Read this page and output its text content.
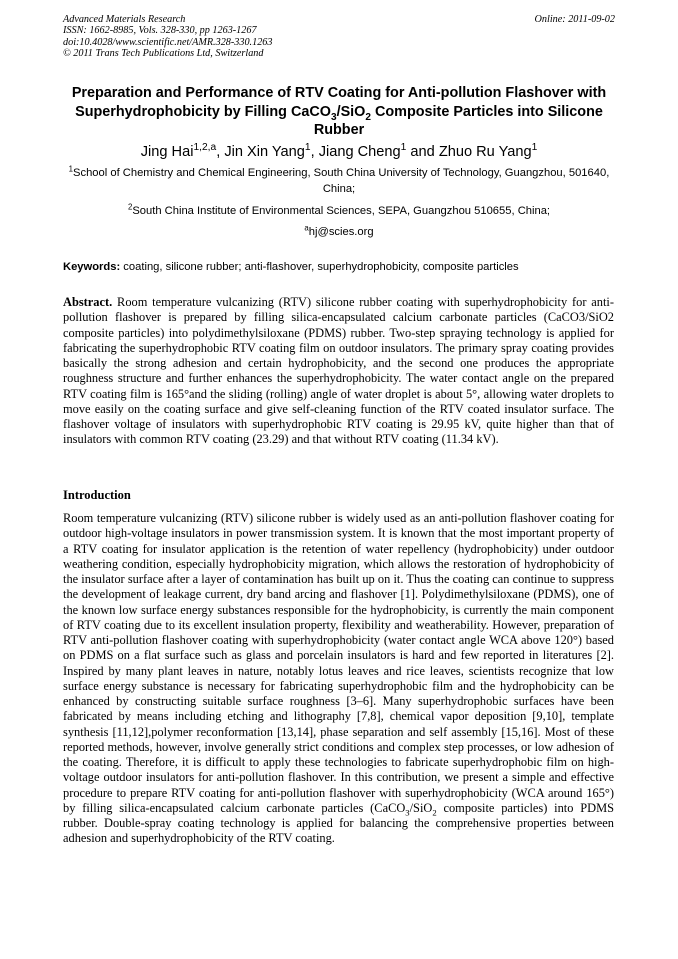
Advanced Materials Research
ISSN: 1662-8985, Vols. 328-330, pp 1263-1267
doi:10.4028/www.scientific.net/AMR.328-330.1263
© 2011 Trans Tech Publications Ltd, Switzerland
Online: 2011-09-02
Preparation and Performance of RTV Coating for Anti-pollution Flashover with Superhydrophobicity by Filling CaCO$_3$/SiO$_2$ Composite Particles into Silicone Rubber
Jing Hai$^{1,2,a}$, Jin Xin Yang$^1$, Jiang Cheng$^1$ and Zhuo Ru Yang$^1$
$^1$School of Chemistry and Chemical Engineering, South China University of Technology, Guangzhou, 501640, China;
$^2$South China Institute of Environmental Sciences, SEPA, Guangzhou 510655, China;
$^a$hj@scies.org
Keywords: coating, silicone rubber; anti-flashover, superhydrophobicity, composite particles
Abstract. Room temperature vulcanizing (RTV) silicone rubber coating with superhydrophobicity for anti-pollution flashover is prepared by filling silica-encapsulated calcium carbonate particles (CaCO3/SiO2 composite particles) into polydimethylsiloxane (PDMS) rubber. Two-step spraying technology is applied for fabricating the superhydrophobic RTV coating film on outdoor insulators. The primary spray coating provides basically the strong adhesion and certain hydrophobicity, and the second one produces the appropriate roughness structure and further enhances the superhydrophobicity. The water contact angle on the prepared RTV coating film is 165°and the sliding (rolling) angle of water droplet is about 5°, allowing water droplets to move easily on the coating surface and give self-cleaning function of the RTV coated insulator surface. The flashover voltage of insulators with superhydrophobic RTV coating is 29.95 kV, quite higher than that of insulators with common RTV coating (23.29) and that without RTV coating (11.34 kV).
Introduction
Room temperature vulcanizing (RTV) silicone rubber is widely used as an anti-pollution flashover coating for outdoor high-voltage insulators in power transmission system. It is known that the most important property of a RTV coating for insulator application is the retention of water repellency (hydrophobicity) under outdoor weathering condition, especially hydrophobicity migration, which allows the restoration of hydrophobicity of the insulator surface after a layer of contamination has built up on it. Thus the coating can continue to suppress the development of leakage current, dry band arcing and flashover [1]. Polydimethylsiloxane (PDMS), one of the known low surface energy substances responsible for the hydrophobicity, is currently the main component of RTV coating due to its excellent insulation property, flexibility and weatherability. However, preparation of RTV anti-pollution flashover coating with superhydrophobicity (water contact angle WCA above 120°) based on PDMS on a flat surface such as glass and porcelain insulators is hard and few reported in literatures [2]. Inspired by many plant leaves in nature, notably lotus leaves and rice leaves, scientists recognize that low surface energy substance is necessary for fabricating superhydrophobic film and the hydrophobicity can be enhanced by constructing suitable surface roughness [3–6]. Many superhydrophobic surfaces have been fabricated by means including etching and lithography [7,8], chemical vapor deposition [9,10], template synthesis [11,12],polymer reconformation [13,14], phase separation and self assembly [15,16]. Most of these reported methods, however, involve generally strict conditions and complex step processes, or low adhesion of the coating. Therefore, it is difficult to apply these technologies to fabricate superhydrophobic film on high-voltage outdoor insulators for anti-pollution flashover. In this contribution, we present a simple and effective procedure to prepare RTV coating for anti-pollution flashover with superhydrophobicity (WCA around 165°) by filling silica-encapsulated calcium carbonate particles (CaCO$_3$/SiO$_2$ composite particles) into PDMS rubber. Double-spray coating technology is applied for balancing the comprehensive properties between adhesion and superhydrophobicity of the RTV coating.
